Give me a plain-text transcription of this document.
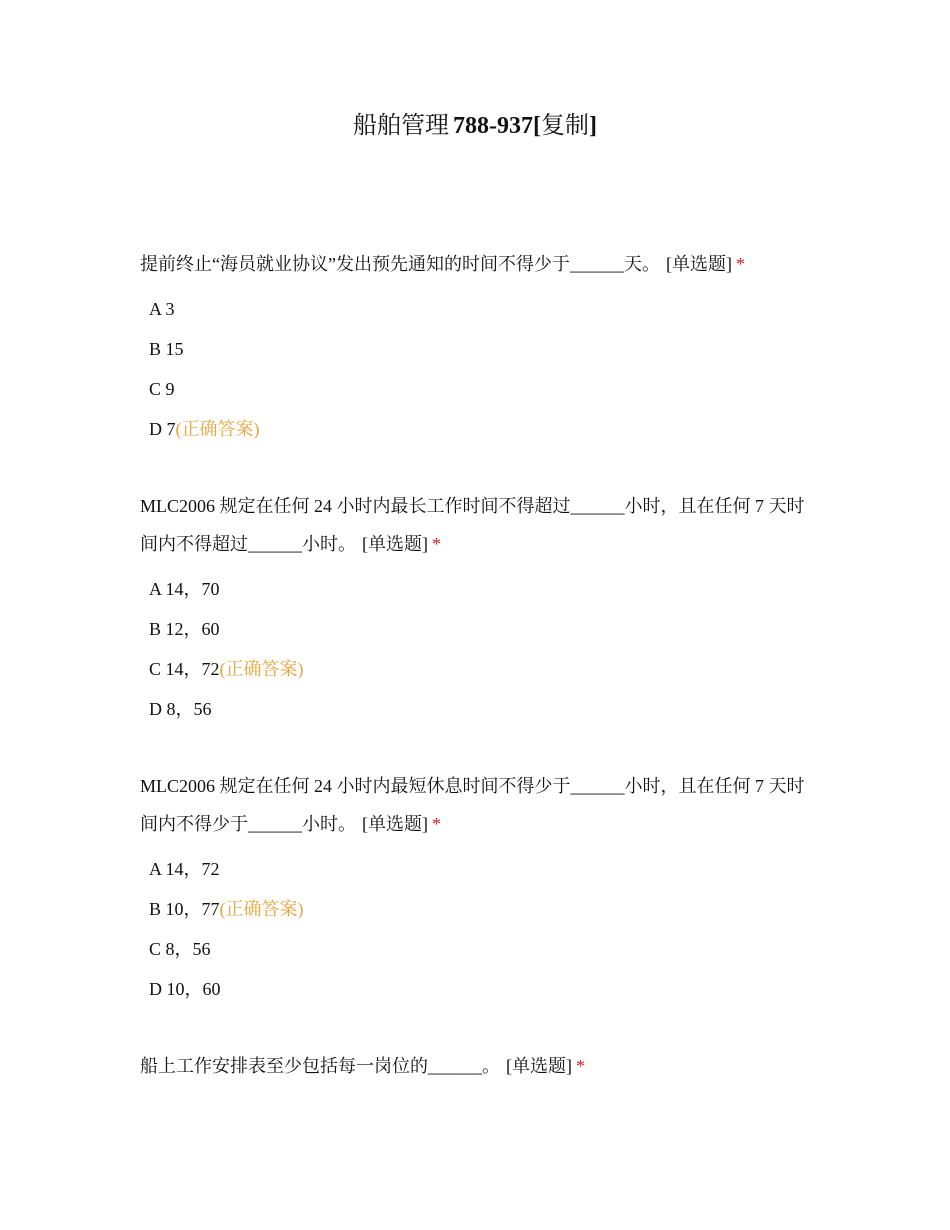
船舶管理 788-937[复制]

提前终止“海员就业协议”发出预先通知的时间不得少于______天。 [单选题] *

A 3
B 15
C 9
D 7(正确答案)

MLC2006 规定在任何 24 小时内最长工作时间不得超过______小时，且在任何 7 天时间内不得超过______小时。 [单选题] *

A 14，70
B 12，60
C 14，72(正确答案)
D 8，56

MLC2006 规定在任何 24 小时内最短休息时间不得少于______小时，且在任何 7 天时间内不得少于______小时。 [单选题] *

A 14，72
B 10，77(正确答案)
C 8，56
D 10，60

船上工作安排表至少包括每一岗位的______。 [单选题] *
